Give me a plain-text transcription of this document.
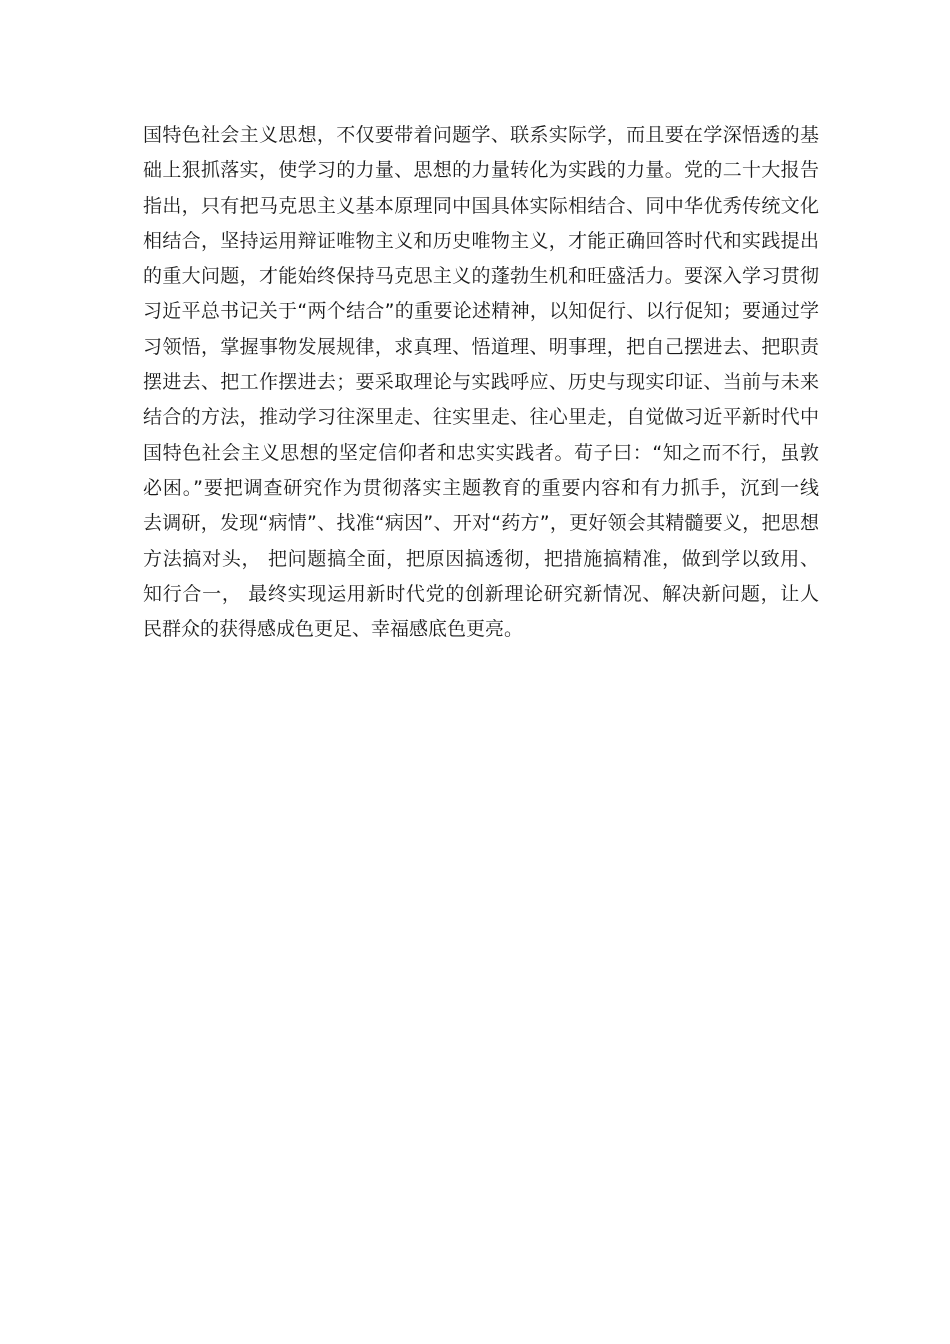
国特色社会主义思想，不仅要带着问题学、联系实际学，而且要在学深悟透的基
础上狠抓落实，使学习的力量、思想的力量转化为实践的力量。党的二十大报告
指出，只有把马克思主义基本原理同中国具体实际相结合、同中华优秀传统文化
相结合，坚持运用辩证唯物主义和历史唯物主义，才能正确回答时代和实践提出
的重大问题，才能始终保持马克思主义的蓬勃生机和旺盛活力。要深入学习贯彻
习近平总书记关于“两个结合”的重要论述精神，以知促行、以行促知；要通过学
习领悟，掌握事物发展规律，求真理、悟道理、明事理，把自己摆进去、把职责
摆进去、把工作摆进去；要采取理论与实践呼应、历史与现实印证、当前与未来
结合的方法，推动学习往深里走、往实里走、往心里走，自觉做习近平新时代中
国特色社会主义思想的坚定信仰者和忠实实践者。荀子曰：“知之而不行，虽敦
必困。”要把调查研究作为贯彻落实主题教育的重要内容和有力抓手，沉到一线
去调研，发现“病情”、找准“病因”、开对“药方”，更好领会其精髓要义，把思想
方法搞对头， 把问题搞全面，把原因搞透彻，把措施搞精准，做到学以致用、
知行合一， 最终实现运用新时代党的创新理论研究新情况、解决新问题，让人
民群众的获得感成色更足、幸福感底色更亮。
